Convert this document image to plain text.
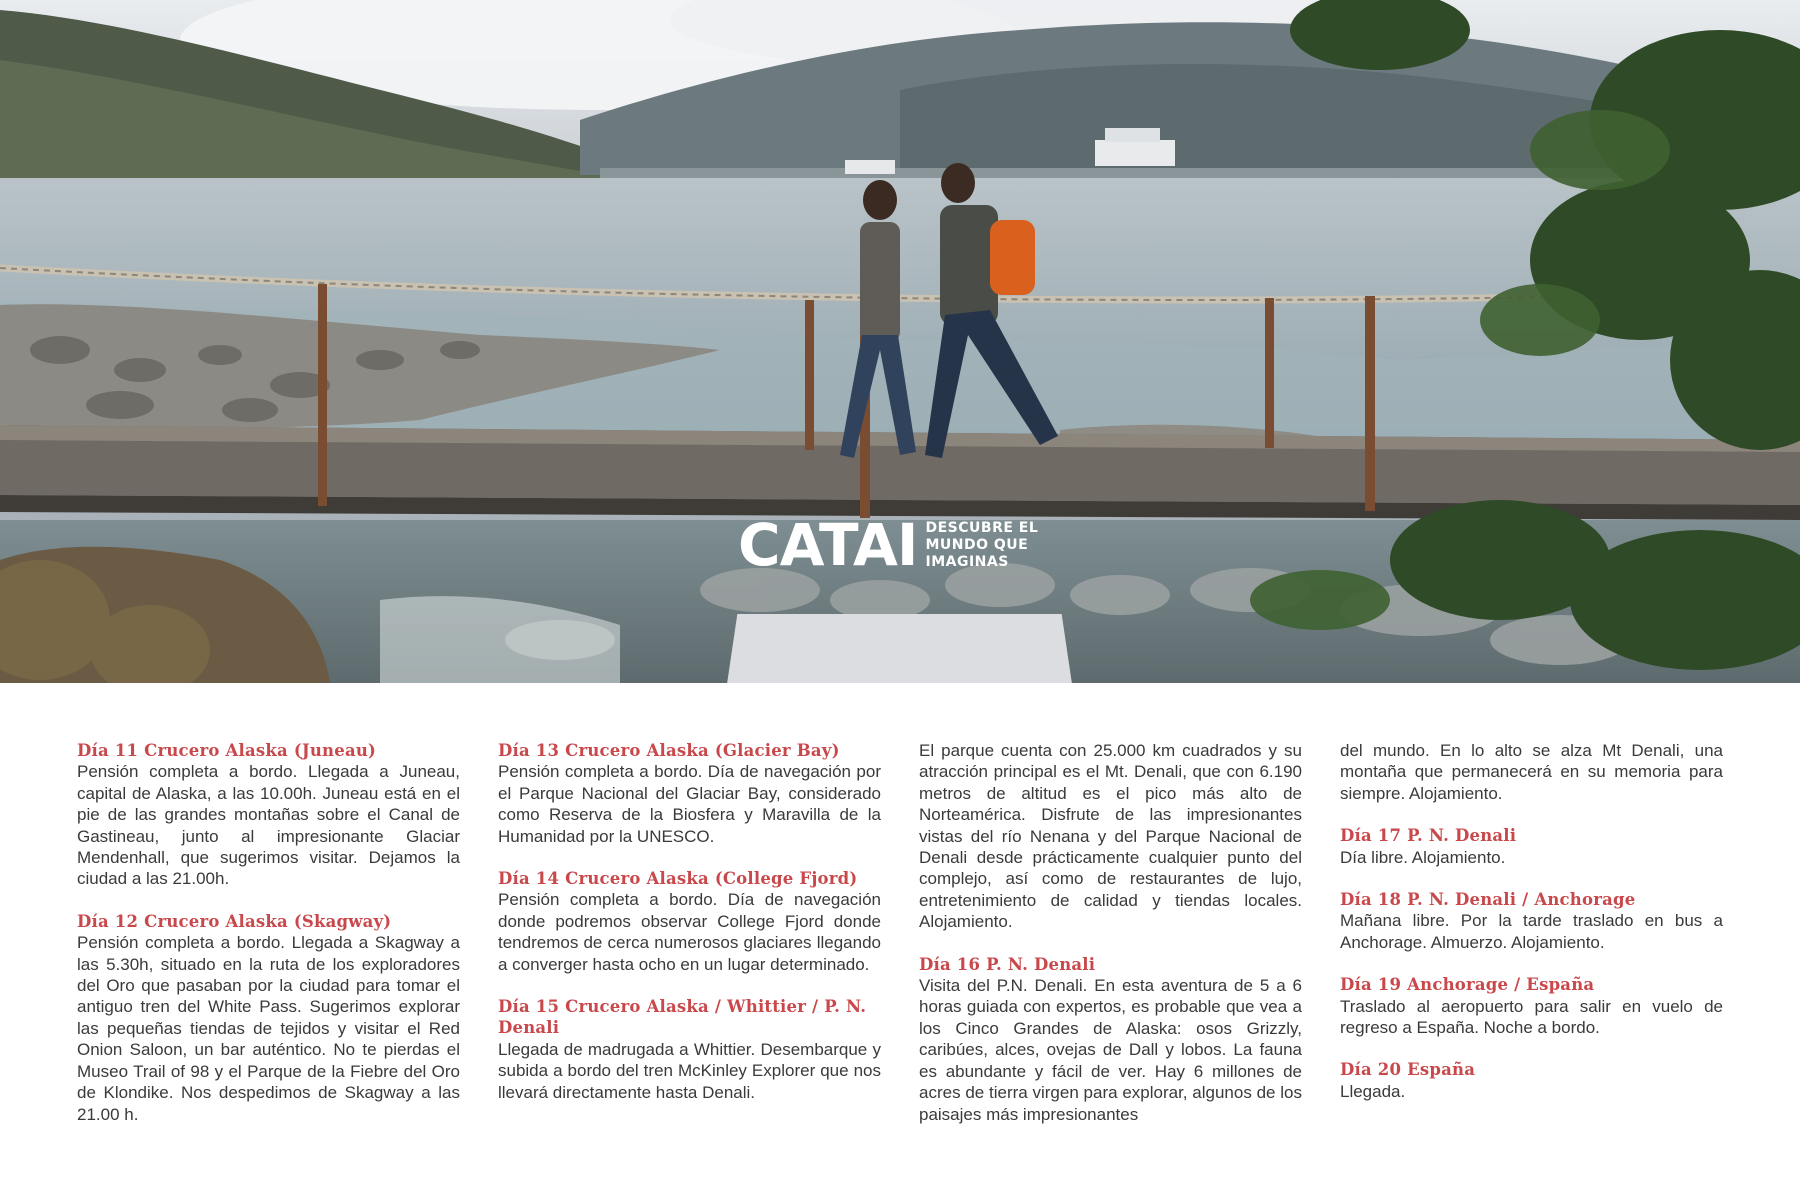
CATAI DESCUBRE EL
MUNDO QUE
IMAGINAS
Día 11 Crucero Alaska (Juneau)
Pensión completa a bordo. Llegada a Juneau, capital de Alaska, a las 10.00h. Juneau está en el pie de las grandes montañas sobre el Canal de Gastineau, junto al impresionante Glaciar Mendenhall, que sugerimos visitar. Dejamos la ciudad a las 21.00h.
Día 12 Crucero Alaska (Skagway)
Pensión completa a bordo. Llegada a Skagway a las 5.30h, situado en la ruta de los exploradores del Oro que pasaban por la ciudad para tomar el antiguo tren del White Pass. Sugerimos explorar las pequeñas tiendas de tejidos y visitar el Red Onion Saloon, un bar auténtico. No te pierdas el Museo Trail of 98 y el Parque de la Fiebre del Oro de Klondike. Nos despedimos de Skagway a las 21.00 h.
Día 13 Crucero Alaska (Glacier Bay)
Pensión completa a bordo. Día de navegación por el Parque Nacional del Glaciar Bay, considerado como Reserva de la Biosfera y Maravilla de la Humanidad por la UNESCO.
Día 14 Crucero Alaska (College Fjord)
Pensión completa a bordo. Día de navegación donde podremos observar College Fjord donde tendremos de cerca numerosos glaciares llegando a converger hasta ocho en un lugar determinado.
Día 15 Crucero Alaska / Whittier / P. N. Denali
Llegada de madrugada a Whittier. Desembarque y subida a bordo del tren McKinley Explorer que nos llevará directamente hasta Denali.
El parque cuenta con 25.000 km cuadrados y su atracción principal es el Mt. Denali, que con 6.190 metros de altitud es el pico más alto de Norteamérica. Disfrute de las impresionantes vistas del río Nenana y del Parque Nacional de Denali desde prácticamente cualquier punto del complejo, así como de restaurantes de lujo, entretenimiento de calidad y tiendas locales. Alojamiento.
Día 16 P. N. Denali
Visita del P.N. Denali. En esta aventura de 5 a 6 horas guiada con expertos, es probable que vea a los Cinco Grandes de Alaska: osos Grizzly, caribúes, alces, ovejas de Dall y lobos. La fauna es abundante y fácil de ver. Hay 6 millones de acres de tierra virgen para explorar, algunos de los paisajes más impresionantes
del mundo. En lo alto se alza Mt Denali, una montaña que permanecerá en su memoria para siempre. Alojamiento.
Día 17 P. N. Denali
Día libre. Alojamiento.
Día 18 P. N. Denali / Anchorage
Mañana libre. Por la tarde traslado en bus a Anchorage. Almuerzo. Alojamiento.
Día 19 Anchorage / España
Traslado al aeropuerto para salir en vuelo de regreso a España. Noche a bordo.
Día 20 España
Llegada.
